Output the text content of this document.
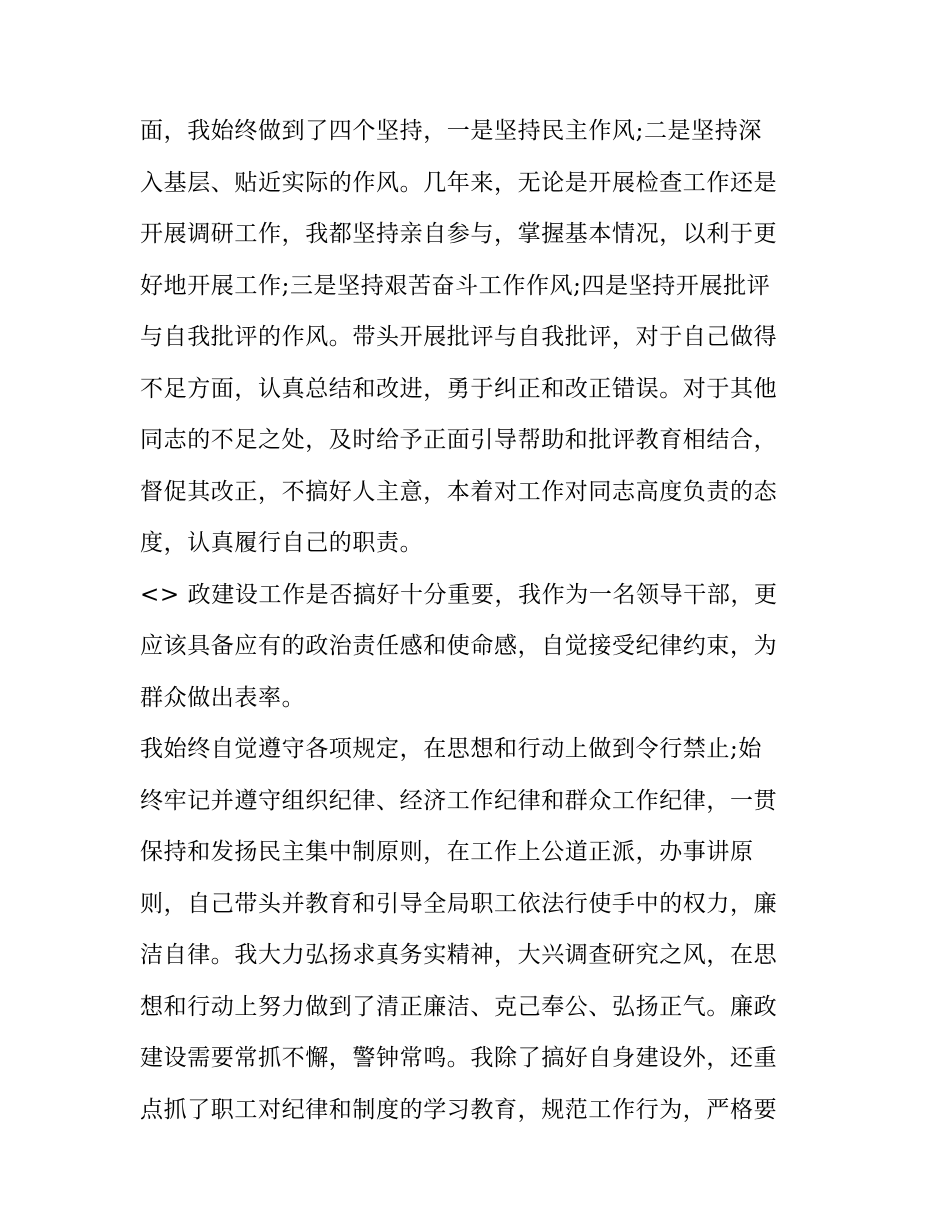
面，我始终做到了四个坚持，一是坚持民主作风;二是坚持深
入基层、贴近实际的作风。几年来，无论是开展检查工作还是
开展调研工作，我都坚持亲自参与，掌握基本情况，以利于更
好地开展工作;三是坚持艰苦奋斗工作作风;四是坚持开展批评
与自我批评的作风。带头开展批评与自我批评，对于自己做得
不足方面，认真总结和改进，勇于纠正和改正错误。对于其他
同志的不足之处，及时给予正面引导帮助和批评教育相结合，
督促其改正，不搞好人主意，本着对工作对同志高度负责的态
度，认真履行自己的职责。
<> 政建设工作是否搞好十分重要，我作为一名领导干部，更
应该具备应有的政治责任感和使命感，自觉接受纪律约束，为
群众做出表率。
我始终自觉遵守各项规定，在思想和行动上做到令行禁止;始
终牢记并遵守组织纪律、经济工作纪律和群众工作纪律，一贯
保持和发扬民主集中制原则，在工作上公道正派，办事讲原
则，自己带头并教育和引导全局职工依法行使手中的权力，廉
洁自律。我大力弘扬求真务实精神，大兴调查研究之风，在思
想和行动上努力做到了清正廉洁、克己奉公、弘扬正气。廉政
建设需要常抓不懈，警钟常鸣。我除了搞好自身建设外，还重
点抓了职工对纪律和制度的学习教育，规范工作行为，严格要
